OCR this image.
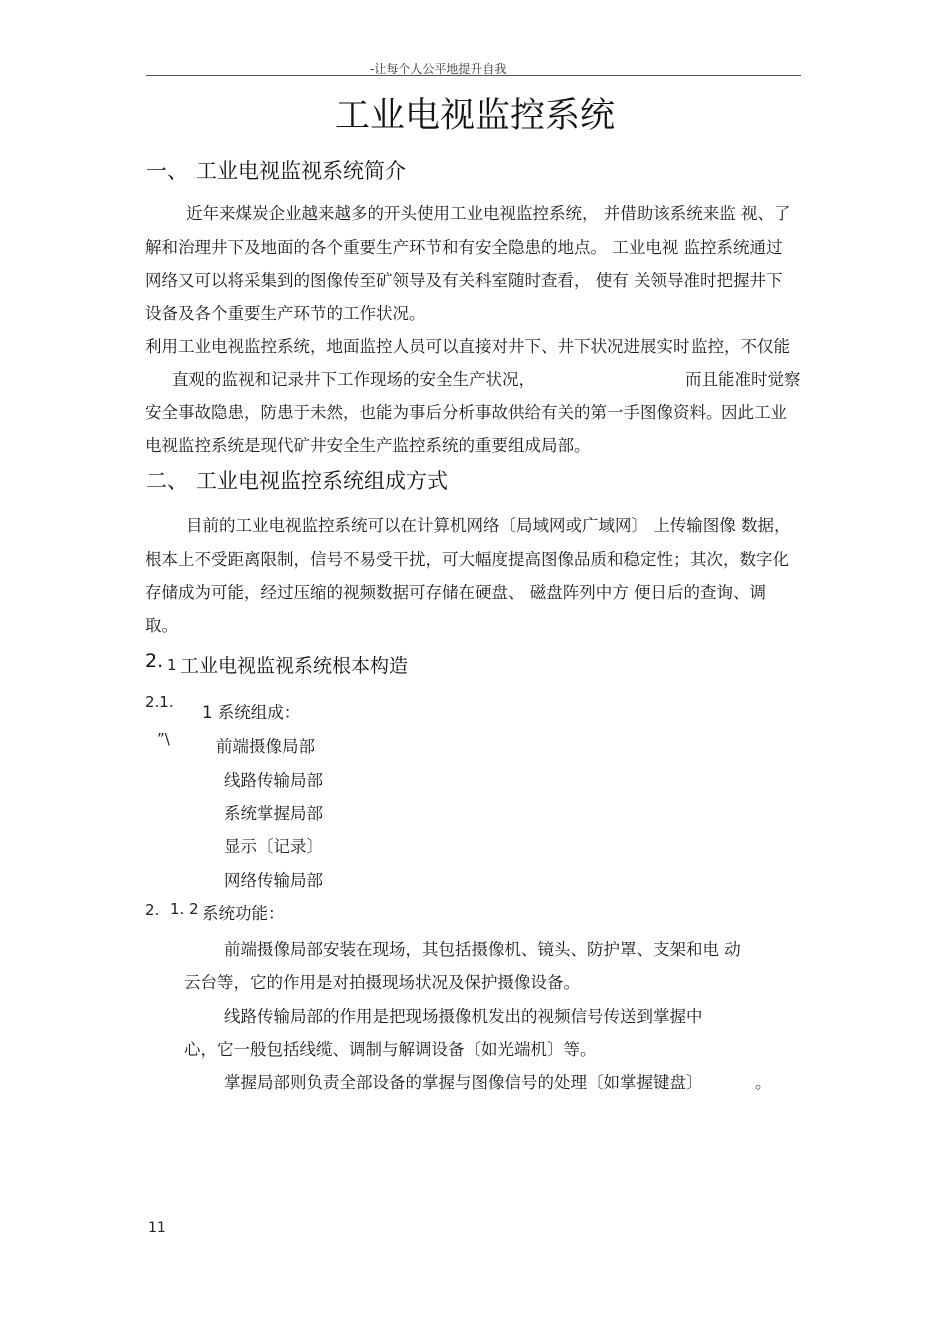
-让每个人公平地提升自我
工业电视监控系统
一、 工业电视监视系统简介
近年来煤炭企业越来越多的开头使用工业电视监控系统， 并借助该系统来监 视、了
解和治理井下及地面的各个重要生产环节和有安全隐患的地点。 工业电视 监控系统通过
网络又可以将采集到的图像传至矿领导及有关科室随时查看， 使有 关领导准时把握井下
设备及各个重要生产环节的工作状况。
利用工业电视监控系统，地面监控人员可以直接对井下、井下状况进展实时 监控，不仅能
直观的监视和记录井下工作现场的安全生产状况，	而且能准时觉察
安全事故隐患，防患于未然，也能为事后分析事故供给有关的第一手图像资料。
因此工业
电视监控系统是现代矿井安全生产监控系统的重要组成局部。
二、 工业电视监控系统组成方式
目前的工业电视监控系统可以在计算机网络〔局域网或广域网〕 上传输图像 数据，
根本上不受距离限制，信号不易受干扰，可大幅度提高图像品质和稳定性； 其次，数字化
存储成为可能，经过压缩的视频数据可存储在硬盘、 磁盘阵列中方 便日后的查询、调
取。
2. 1 工业电视监视系统根本构造
2.1.
1 系统组成：
”\	前端摄像局部
线路传输局部
系统掌握局部
显示〔记录〕
网络传输局部
2. 1. 2 系统功能：
前端摄像局部安装在现场，其包括摄像机、镜头、防护罩、支架和电 动
云台等，它的作用是对拍摄现场状况及保护摄像设备。
线路传输局部的作用是把现场摄像机发出的视频信号传送到掌握中
心，它一般包括线缆、调制与解调设备〔如光端机〕等。
掌握局部则负责全部设备的掌握与图像信号的处理〔如掌握键盘〕	。
11
